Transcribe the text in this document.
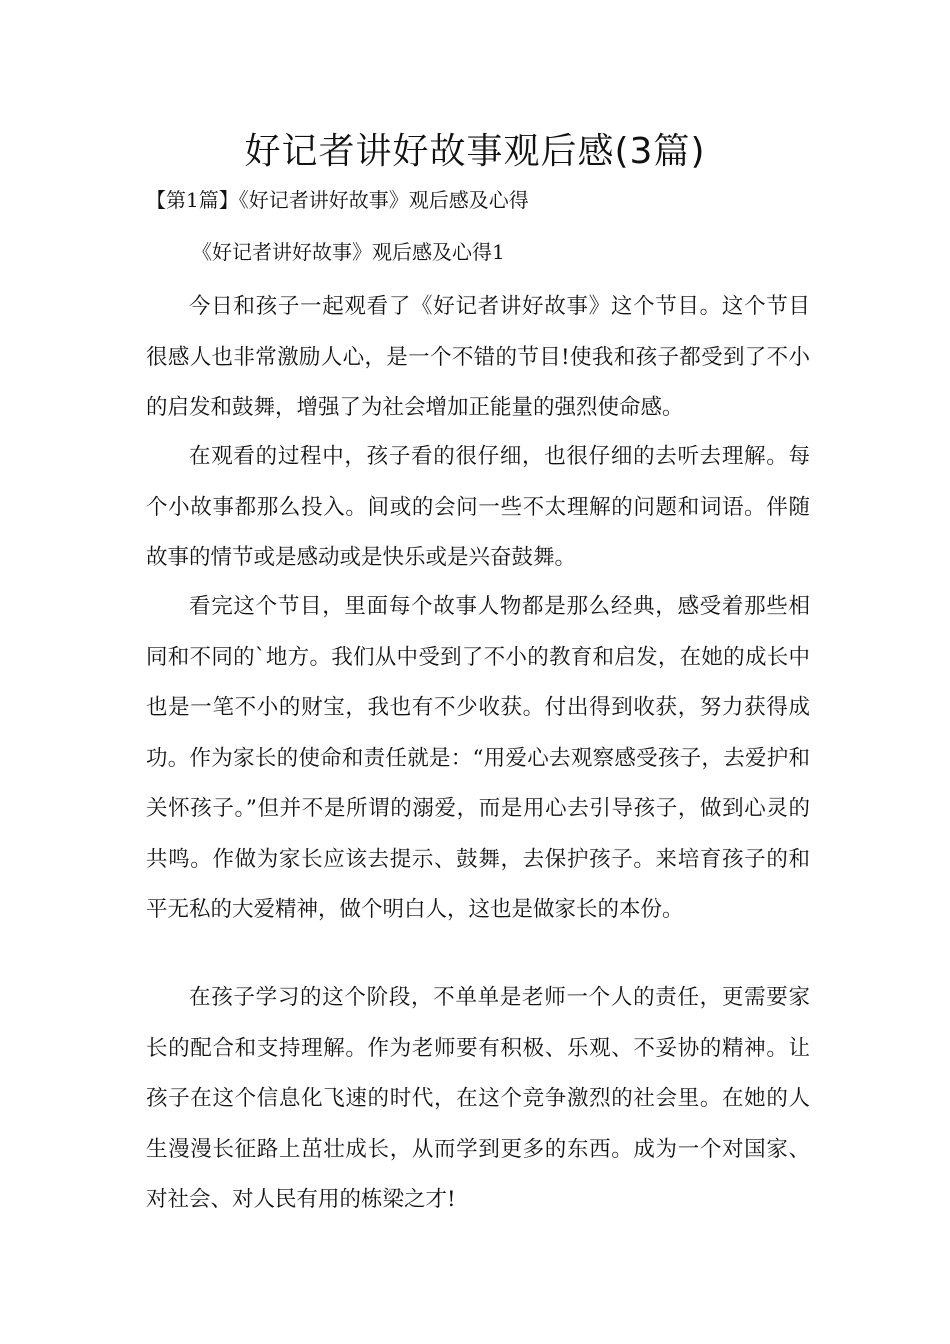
好记者讲好故事观后感(3篇)

【第1篇】《好记者讲好故事》观后感及心得

《好记者讲好故事》观后感及心得1

今日和孩子一起观看了《好记者讲好故事》这个节目。这个节目很感人也非常激励人心，是一个不错的节目!使我和孩子都受到了不小的启发和鼓舞，增强了为社会增加正能量的强烈使命感。

在观看的过程中，孩子看的很仔细，也很仔细的去听去理解。每个小故事都那么投入。间或的会问一些不太理解的问题和词语。伴随故事的情节或是感动或是快乐或是兴奋鼓舞。

看完这个节目，里面每个故事人物都是那么经典，感受着那些相同和不同的`地方。我们从中受到了不小的教育和启发，在她的成长中也是一笔不小的财宝，我也有不少收获。付出得到收获，努力获得成功。作为家长的使命和责任就是：“用爱心去观察感受孩子，去爱护和关怀孩子。”但并不是所谓的溺爱，而是用心去引导孩子，做到心灵的共鸣。作做为家长应该去提示、鼓舞，去保护孩子。来培育孩子的和平无私的大爱精神，做个明白人，这也是做家长的本份。

在孩子学习的这个阶段，不单单是老师一个人的责任，更需要家长的配合和支持理解。作为老师要有积极、乐观、不妥协的精神。让孩子在这个信息化飞速的时代，在这个竞争激烈的社会里。在她的人生漫漫长征路上茁壮成长，从而学到更多的东西。成为一个对国家、对社会、对人民有用的栋梁之才!
